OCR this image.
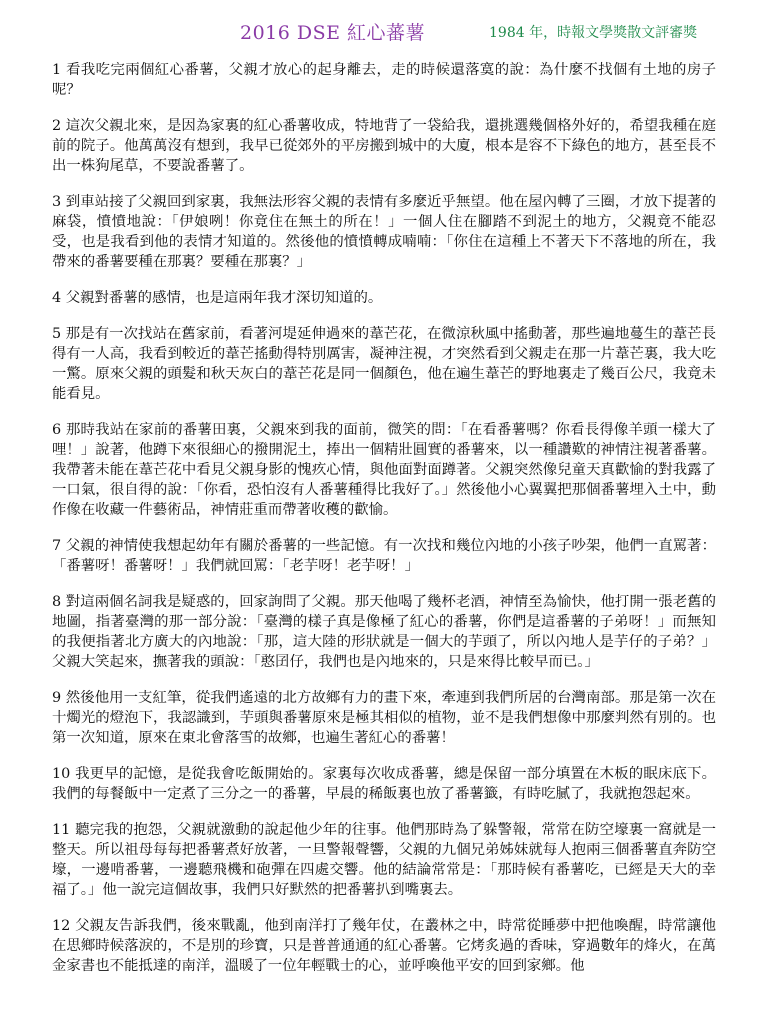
2016 DSE 紅心蕃薯	1984 年，時報文學獎散文評審獎

1 看我吃完兩個紅心番薯，父親才放心的起身離去，走的時候還落寞的說：為什麼不找個有土地的房子呢？

2 這次父親北來，是因為家裏的紅心番薯收成，特地背了一袋給我，還挑選幾個格外好的，希望我種在庭前的院子。他萬萬沒有想到，我早已從郊外的平房搬到城中的大廈，根本是容不下綠色的地方，甚至長不出一株狗尾草，不要說番薯了。

3 到車站接了父親回到家裏，我無法形容父親的表情有多麼近乎無望。他在屋內轉了三圈，才放下提著的麻袋，憤憤地說：「伊娘咧！你竟住在無土的所在！」一個人住在腳踏不到泥土的地方，父親竟不能忍受，也是我看到他的表情才知道的。然後他的憤憤轉成喃喃：「你住在這種上不著天下不落地的所在，我帶來的番薯要種在那裏？要種在那裏？」

4 父親對番薯的感情，也是這兩年我才深切知道的。

5 那是有一次找站在舊家前，看著河堤延伸過來的葦芒花，在微涼秋風中搖動著，那些遍地蔓生的葦芒長得有一人高，我看到較近的葦芒搖動得特別厲害，凝神注視，才突然看到父親走在那一片葦芒裏，我大吃一驚。原來父親的頭髮和秋天灰白的葦芒花是同一個顏色，他在遍生葦芒的野地裏走了幾百公尺，我竟未能看見。

6 那時我站在家前的番薯田裏，父親來到我的面前，微笑的問：「在看番薯嗎？你看長得像羊頭一樣大了哩！」說著，他蹲下來很細心的撥開泥土，捧出一個精壯圓實的番薯來，以一種讚歎的神情注視著番薯。我帶著未能在葦芒花中看見父親身影的愧疚心情，與他面對面蹲著。父親突然像兒童天真歡愉的對我露了一口氣，很自得的說：「你看，恐怕沒有人番薯種得比我好了。」然後他小心翼翼把那個番薯埋入土中，動作像在收藏一件藝術品，神情莊重而帶著收穫的歡愉。

7 父親的神情使我想起幼年有關於番薯的一些記憶。有一次找和幾位內地的小孩子吵架，他們一直罵著：「番薯呀！番薯呀！」我們就回罵：「老芋呀！老芋呀！」

8 對這兩個名詞我是疑惑的，回家詢問了父親。那天他喝了幾杯老酒，神情至為愉快，他打開一張老舊的地圖，指著臺灣的那一部分說：「臺灣的樣子真是像極了紅心的番薯，你們是這番薯的子弟呀！」而無知的我便指著北方廣大的內地說：「那，這大陸的形狀就是一個大的芋頭了，所以內地人是芋仔的子弟？」父親大笑起來，撫著我的頭說：「憨囝仔，我們也是內地來的，只是來得比較早而已。」

9 然後他用一支紅筆，從我們遙遠的北方故鄉有力的畫下來，牽連到我們所居的台灣南部。那是第一次在十燭光的燈泡下，我認識到，芋頭與番薯原來是極其相似的植物，並不是我們想像中那麼判然有別的。也第一次知道，原來在東北會落雪的故鄉，也遍生著紅心的番薯！

10 我更早的記憶，是從我會吃飯開始的。家裏每次收成番薯，總是保留一部分填置在木板的眠床底下。我們的每餐飯中一定煮了三分之一的番薯，早晨的稀飯裏也放了番薯籤，有時吃膩了，我就抱怨起來。

11 聽完我的抱怨，父親就激動的說起他少年的往事。他們那時為了躲警報，常常在防空壕裏一窩就是一整天。所以祖母每每把番薯煮好放著，一旦警報聲響，父親的九個兄弟姊妹就每人抱兩三個番薯直奔防空壕，一邊啃番薯，一邊聽飛機和砲彈在四處交響。他的結論常常是：「那時候有番薯吃，已經是天大的幸福了。」他一說完這個故事，我們只好默然的把番薯扒到嘴裏去。

12 父親友告訴我們，後來戰亂，他到南洋打了幾年仗，在叢林之中，時常從睡夢中把他喚醒，時常讓他在思鄉時候落淚的，不是別的珍寶，只是普普通通的紅心番薯。它烤炙過的香味，穿過數年的烽火，在萬金家書也不能抵達的南洋，溫暖了一位年輕戰士的心，並呼喚他平安的回到家鄉。他
